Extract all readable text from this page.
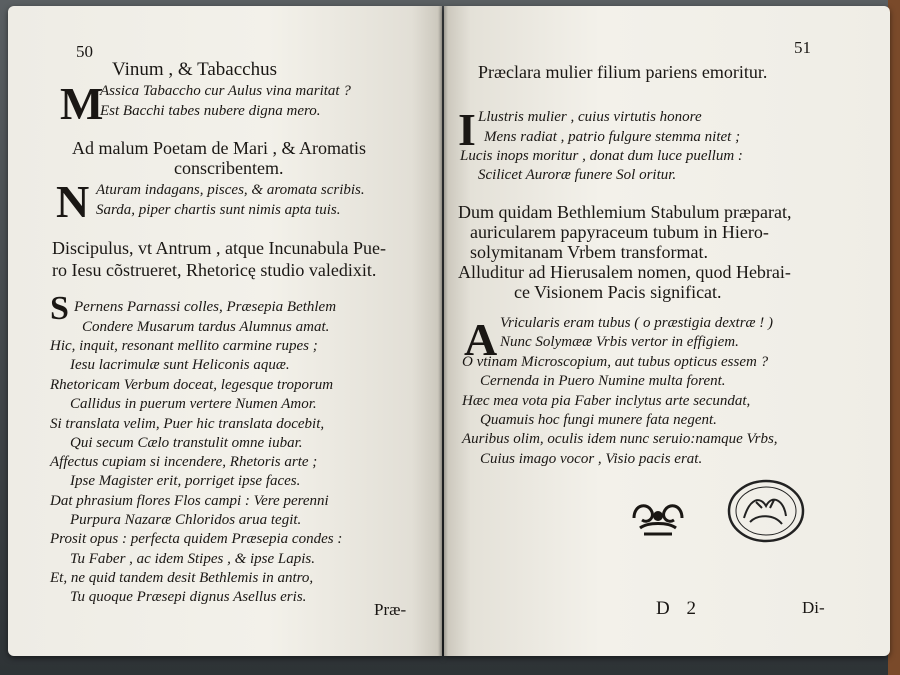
50
Vinum , & Tabacchus
M
Assica Tabaccho cur Aulus vina maritat ?
Est Bacchi tabes nubere digna mero.
Ad malum Poetam de Mari , & Aromatis
conscribentem.
N Aturam indagans, pisces, & aromata scribis.
Sarda, piper chartis sunt nimis apta tuis.
Discipulus, vt Antrum , atque Incunabula Pue-
ro Iesu cõstrueret, Rhetoricę studio valedixit.
S Pernens Parnassi colles, Præsepia Bethlem
Condere Musarum tardus Alumnus amat.
Hic, inquit, resonant mellito carmine rupes ;
Iesu lacrimulæ sunt Heliconis aquæ.
Rhetoricam Verbum doceat, legesque troporum
Callidus in puerum vertere Numen Amor.
Si translata velim, Puer hic translata docebit,
Qui secum Cælo transtulit omne iubar.
Affectus cupiam si incendere, Rhetoris arte ;
Ipse Magister erit, porriget ipse faces.
Dat phrasium flores Flos campi : Vere perenni
Purpura Nazaræ Chloridos arua tegit.
Prosit opus : perfecta quidem Præsepia condes :
Tu Faber , ac idem Stipes , & ipse Lapis.
Et, ne quid tandem desit Bethlemis in antro,
Tu quoque Præsepi dignus Asellus eris.
Præ-
51
Præclara mulier filium pariens emoritur.
I Llustris mulier , cuius virtutis honore
Mens radiat , patrio fulgure stemma nitet ;
Lucis inops moritur , donat dum luce puellum :
Scilicet Auroræ funere Sol oritur.
Dum quidam Bethlemium Stabulum præparat,
auricularem papyraceum tubum in Hiero-
solymitanam Vrbem transformat.
Alluditur ad Hierusalem nomen, quod Hebrai-
ce Visionem Pacis significat.
A Vricularis eram tubus ( o præstigia dextræ ! )
Nunc Solymææ Vrbis vertor in effigiem.
O vtinam Microscopium, aut tubus opticus essem ?
Cernenda in Puero Numine multa forent.
Hæc mea vota pia Faber inclytus arte secundat,
Quamuis hoc fungi munere fata negent.
Auribus olim, oculis idem nunc seruio:namque Vrbs,
Cuius imago vocor , Visio pacis erat.
D 2	Di-
